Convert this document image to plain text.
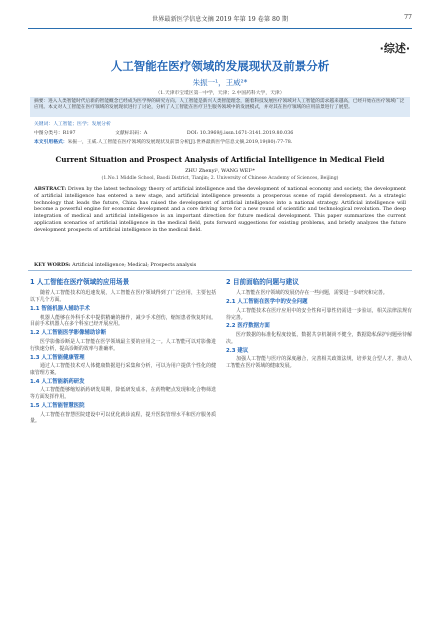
世界最新医学信息文摘 2019 年第 19 卷第 80 期	77
·综述·
人工智能在医疗领域的发展现状及前景分析
朱振一¹，王威²*
（1.天津市宝坻区第一中学，天津；2.中国药科大学，天津）
摘要：进入人类智能时代后新的智能概念已经成为医学界的研究方向。人工智能是新兴人类智能理念，随着科技发展医疗领域对人工智能的需求越来越高，已经开始在医疗领域广泛应用。本文对人工智能在医疗领域的发展现状进行了讨论，分析了人工智能在医疗卫生服务领域中的发展模式，并对其在医疗领域的应用前景进行了展望。
关键词：人工智能；医学；发展分析
中图分类号：R197	文献标识码：A	DOI: 10.3969/j.issn.1671-3141.2019.80.036
本文引用格式：朱振一，王威.人工智能在医疗领域的发展现状及前景分析[J].世界最新医学信息文摘,2019,19(80):77-78.
Current Situation and Prospect Analysis of Artificial Intelligence in Medical Field
ZHU Zhenyi¹, WANG WEI²*
(1.No.1 Middle School, Baodi District, Tianjin; 2. University of Chinese Academy of Sciences, Beijing)
ABSTRACT: Driven by the latest technology theory of artificial intelligence and the development of national economy and society, the development of artificial intelligence has entered a new stage, and artificial intelligence presents a prosperous scene of rapid development. As a strategic technology that leads the future, China has raised the development of artificial intelligence into a national strategy. Artificial intelligence will become a powerful engine for economic development and a core driving force for a new round of scientific and technological revolution. The deep integration of medical and artificial intelligence is an important direction for future medical development. This paper summarizes the current application scenarios of artificial intelligence in the medical field, puts forward suggestions for existing problems, and briefly analyzes the future development prospects of artificial intelligence in the medical field.
KEY WORDS: Artificial intelligence; Medical; Prospects analysis
1 人工智能在医疗领域的应用场景

随着人工智能技术的迅速发展，人工智能在医疗领域得到了广泛应用，主要包括以下几个方面。

1.1 智能机器人辅助手术

机器人能够在外科手术中提供精确的操作，减少手术创伤，缩短患者恢复时间。目前手术机器人在多个科室已经开展应用。

1.2 人工智能医学影像辅助诊断

医学影像诊断是人工智能在医学领域最主要的应用之一。人工智能可以对影像进行快速分析，提高诊断的效率与准确率。

1.3 人工智能健康管理

通过人工智能技术对人体健康数据进行采集和分析，可以为用户提供个性化的健康管理方案。

1.4 人工智能新药研发

人工智能能够缩短新药研发周期，降低研发成本，在药物靶点发现和化合物筛选等方面发挥作用。

1.5 人工智能智慧医院

人工智能在智慧医院建设中可以优化就诊流程，提升医院管理水平和医疗服务质量。

2 目前面临的问题与建议

人工智能在医疗领域的发展仍存在一些问题，需要进一步研究和完善。

2.1 人工智能在医学中的安全问题

人工智能技术在医疗应用中的安全性和可靠性仍需进一步验证，相关法律法规有待完善。

2.2 医疗数据方面

医疗数据的标准化程度较低，数据共享机制尚不健全，数据隐私保护问题亟待解决。

2.3 建议

加强人工智能与医疗的深度融合，完善相关政策法规，培养复合型人才，推动人工智能在医疗领域的健康发展。
